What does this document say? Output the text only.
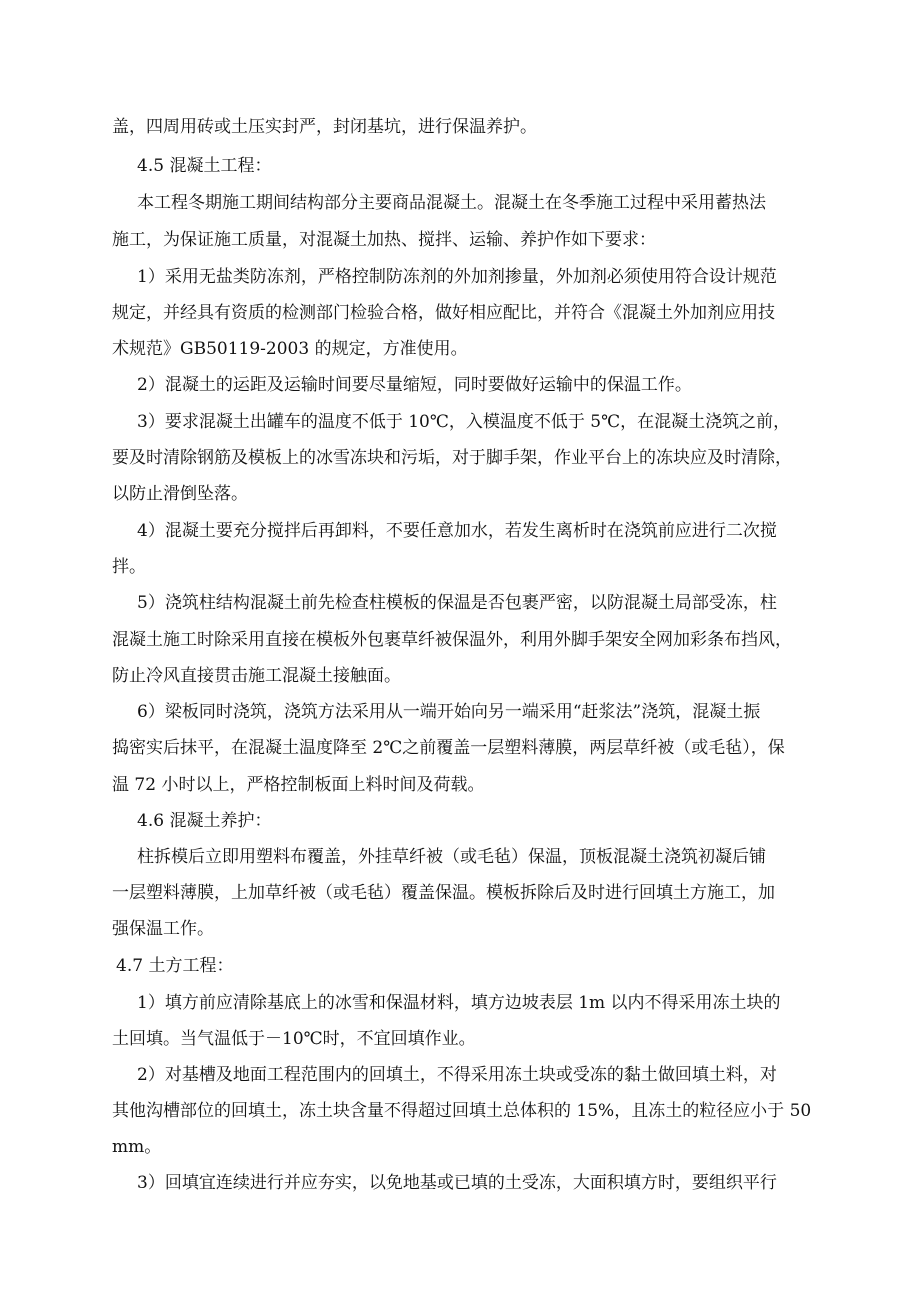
盖，四周用砖或土压实封严，封闭基坑，进行保温养护。
4.5 混凝土工程：
本工程冬期施工期间结构部分主要商品混凝土。混凝土在冬季施工过程中采用蓄热法
施工，为保证施工质量，对混凝土加热、搅拌、运输、养护作如下要求：
1）采用无盐类防冻剂，严格控制防冻剂的外加剂掺量，外加剂必须使用符合设计规范
规定，并经具有资质的检测部门检验合格，做好相应配比，并符合《混凝土外加剂应用技
术规范》GB50119-2003 的规定，方准使用。
2）混凝土的运距及运输时间要尽量缩短，同时要做好运输中的保温工作。
3）要求混凝土出罐车的温度不低于 10℃，入模温度不低于 5℃，在混凝土浇筑之前，
要及时清除钢筋及模板上的冰雪冻块和污垢，对于脚手架，作业平台上的冻块应及时清除，
以防止滑倒坠落。
4）混凝土要充分搅拌后再卸料，不要任意加水，若发生离析时在浇筑前应进行二次搅
拌。
5）浇筑柱结构混凝土前先检查柱模板的保温是否包裹严密，以防混凝土局部受冻，柱
混凝土施工时除采用直接在模板外包裹草纤被保温外，利用外脚手架安全网加彩条布挡风，
防止冷风直接贯击施工混凝土接触面。
6）梁板同时浇筑，浇筑方法采用从一端开始向另一端采用“赶浆法”浇筑，混凝土振
捣密实后抹平，在混凝土温度降至 2℃之前覆盖一层塑料薄膜，两层草纤被（或毛毡），保
温 72 小时以上，严格控制板面上料时间及荷载。
4.6 混凝土养护：
柱拆模后立即用塑料布覆盖，外挂草纤被（或毛毡）保温，顶板混凝土浇筑初凝后铺
一层塑料薄膜，上加草纤被（或毛毡）覆盖保温。模板拆除后及时进行回填土方施工，加
强保温工作。
4.7 土方工程：
1）填方前应清除基底上的冰雪和保温材料，填方边坡表层 1m 以内不得采用冻土块的
土回填。当气温低于－10℃时，不宜回填作业。
2）对基槽及地面工程范围内的回填土，不得采用冻土块或受冻的黏土做回填土料，对
其他沟槽部位的回填土，冻土块含量不得超过回填土总体积的 15%，且冻土的粒径应小于 50
mm。
3）回填宜连续进行并应夯实，以免地基或已填的土受冻，大面积填方时，要组织平行
